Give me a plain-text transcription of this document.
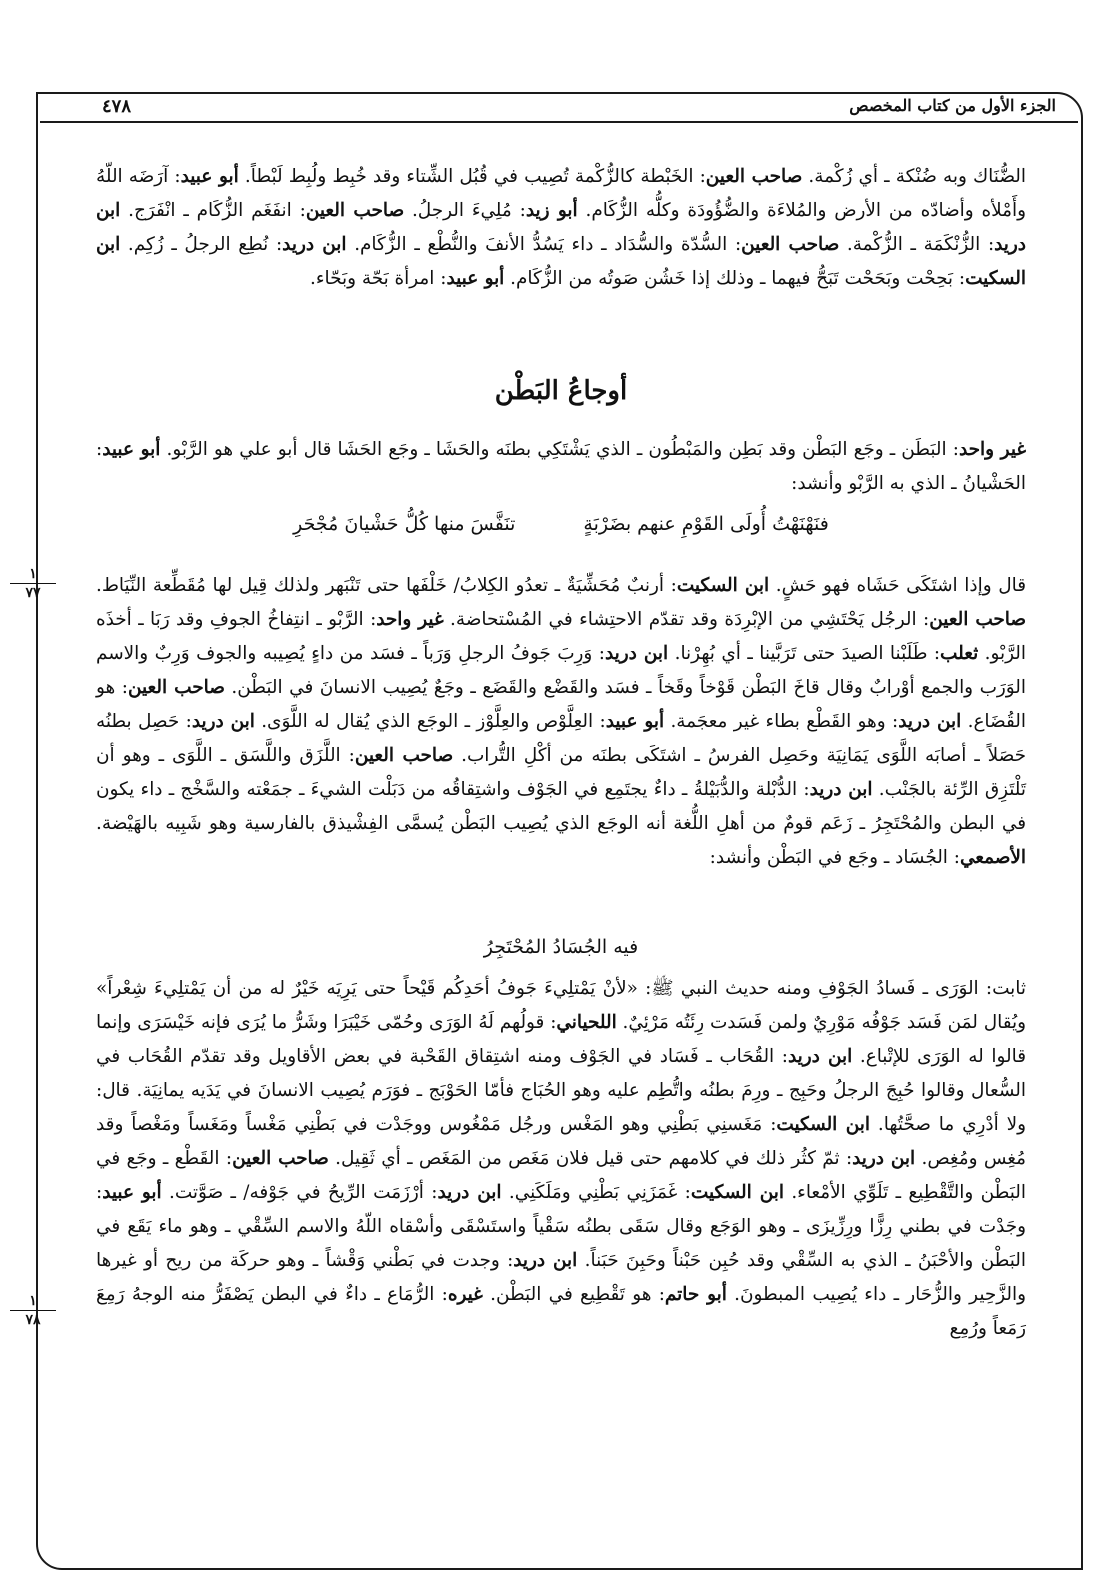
الجزء الأول من كتاب المخصص
٤٧٨

الضُّنَاك وبه ضُنْكة ـ أي زُكْمة. صاحب العين: الخَبْطة كالزُّكْمة تُصِيب في قُبُل الشِّتاء وقد خُبِط ولُبِط لَبْطاً. أبو عبيد: آرَضَه اللّهُ وأَمْلأه وأضادّه من الأرض والمُلاءَة والضُّؤُودَة وكلُّه الزُّكَام. أبو زيد: مُلِيءَ الرجلُ. صاحب العين: انفَغَم الزُّكَام ـ انْفَرَج. ابن دريد: الزُّنْكَمَة ـ الزُّكْمة. صاحب العين: السُّدّة والسُّدَاد ـ داء يَسُدُّ الأنفَ والنُّطْع ـ الزُّكَام. ابن دريد: نُطِع الرجلُ ـ زُكِم. ابن السكيت: بَحِحْت وبَحَحْت تَبَحُّ فيهما ـ وذلك إذا خَشُن صَوتُه من الزُّكَام. أبو عبيد: امرأة بَحّة وبَحّاء.

أوجاعُ البَطْن

غير واحد: البَطَن ـ وجَع البَطْن وقد بَطِن والمَبْطُون ـ الذي يَشْتَكِي بطنَه والحَشَا ـ وجَع الحَشَا قال أبو علي هو الرَّبْو. أبو عبيد: الحَشْيانُ ـ الذي به الرَّبْو وأنشد:

فنَهْنَهْتُ أُولَى القَوْمِ عنهم بضَرْبَةٍتنَفَّسَ منها كُلُّ حَشْيانَ مُجْحَرِ
١
٧٧	قال وإذا اشتَكَى حَشَاه فهو حَشٍ. ابن السكيت: أرنبٌ مُحَشِّيَةٌ ـ تعدُو الكِلابُ/ خَلْفَها حتى تَنْبَهر ولذلك قِيل لها مُقَطِّعة النِّيَاط. صاحب العين: الرجُل يَحْتَشِي من الإبْرِدَة وقد تقدّم الاحتِشاء في المُسْتحاضة. غير واحد: الرَّبْو ـ انتِفاخُ الجوفِ وقد رَبَا ـ أخذَه الرَّبْو. ثعلب: طَلَبْنا الصيدَ حتى تَرَبَّينا ـ أي بُهِرْنا. ابن دريد: وَرِبَ جَوفُ الرجلِ وَرَباً ـ فسَد من داءٍ يُصِيبه والجوف وَرِبٌ والاسم الوَرَب والجمع أوْرابٌ وقال قاخَ البَطْن قَوْخاً وقَخاً ـ فسَد والقَضْع والقَضَع ـ وجَعٌ يُصِيب الانسانَ في البَطْن. صاحب العين: هو القُضَاع. ابن دريد: وهو القَطْع بطاء غير معجَمة. أبو عبيد: العِلَّوْص والعِلَّوْز ـ الوجَع الذي يُقال له اللَّوَى. ابن دريد: حَصِل بطنُه حَصَلاً ـ أصابَه اللَّوَى يَمَانِيَة وحَصِل الفرسُ ـ اشتَكَى بطنَه من أكْلِ التُّراب. صاحب العين: اللَّزَق واللَّسَق ـ اللَّوَى ـ وهو أن تَلْتَزِق الرِّئة بالجَنْب. ابن دريد: الدُّبْلة والدُّبَيْلةُ ـ داءٌ يجتَمِع في الجَوْف واشتِقاقُه من دَبَلْت الشيءَ ـ جمَعْته والسَّخْج ـ داء يكون في البطن والمُحْتَجِرُ ـ زَعَم قومٌ من أهلِ اللُّغة أنه الوجَع الذي يُصِيب البَطْن يُسمَّى الفِشْيذق بالفارسية وهو شَبِيه بالهَيْضة. الأصمعي: الجُسَاد ـ وجَع في البَطْن وأنشد:

فيه الجُسَادُ المُحْتَجِرُ

ثابت: الوَرَى ـ فَسادُ الجَوْفِ ومنه حديث النبي ﷺ: «لأنْ يَمْتلِيءَ جَوفُ أحَدِكُم قَيْحاً حتى يَرِيَه خَيْرٌ له من أن يَمْتلِيءَ شِعْراً» ويُقال لمَن فَسَد جَوْفُه مَوْرِيٌ ولمن فَسَدت رِئَتُه مَرْئِيٌ. اللحياني: قولُهم لَهُ الوَرَى وحُمّى خَيْبَرَا وشَرُّ ما يُرَى فإنه خَيْسَرَى وإنما قالوا له الوَرَى للإتْباع. ابن دريد: القُحَاب ـ فَسَاد في الجَوْف ومنه اشتِقاق القَحْبة في بعض الأقاويل وقد تقدّم القُحَاب في السُّعال وقالوا حُبِجَ الرجلُ وحَبِج ـ ورِمَ بطنُه واتُّطِم عليه وهو الحُبَاج فأمّا الحَوْبَج ـ فوَرَم يُصِيب الانسانَ في يَدَيه يمانِيَة. قال: ولا أدْرِي ما صحَّتُها. ابن السكيت: مَغَسنِي بَطْنِي وهو المَغْس ورجُل مَمْغُوس ووجَدْت في بَطْنِي مَغْساً ومَغَساً ومَغْصاً وقد مُغِس ومُغِص. ابن دريد: ثمّ كثُر ذلك في كلامهم حتى قيل فلان مَغَص من المَغَص ـ أي ثَقِيل. صاحب العين: القَطْع ـ وجَع في البَطْن والتَّقْطِيع ـ تَلَوِّي الأمْعاء. ابن السكيت: غَمَزَنِي بَطْنِي ومَلَكَنِي. ابن دريد: أرْزَمَت الرِّيحُ في جَوْفه/ ـ صَوَّتت. أبو عبيد: وجَدْت في بطني رِزًّا ورِزِّيزَى ـ وهو الوَجَع وقال سَقَى بطنُه سَقْياً واستَسْقَى وأسْقاه اللّهُ والاسم السِّقْي ـ وهو ماء يَقَع في البَطْن والأحْبَنُ ـ الذي به السِّقْي وقد حُبِن حَبْناً وحَبِنَ حَبَناً. ابن دريد: وجدت في بَطْني وَقْشاً ـ وهو حركَة من ريح أو غيرها والزَّحِير والزُّحَار ـ داء يُصِيب المبطونَ. أبو حاتم: هو تَقْطِيع في البَطْن. غيره: الرُّمَاع ـ داءٌ في البطن يَصْفَرُّ منه الوجهُ رَمِعَ رَمَعاً ورُمِع

١
٧٨
